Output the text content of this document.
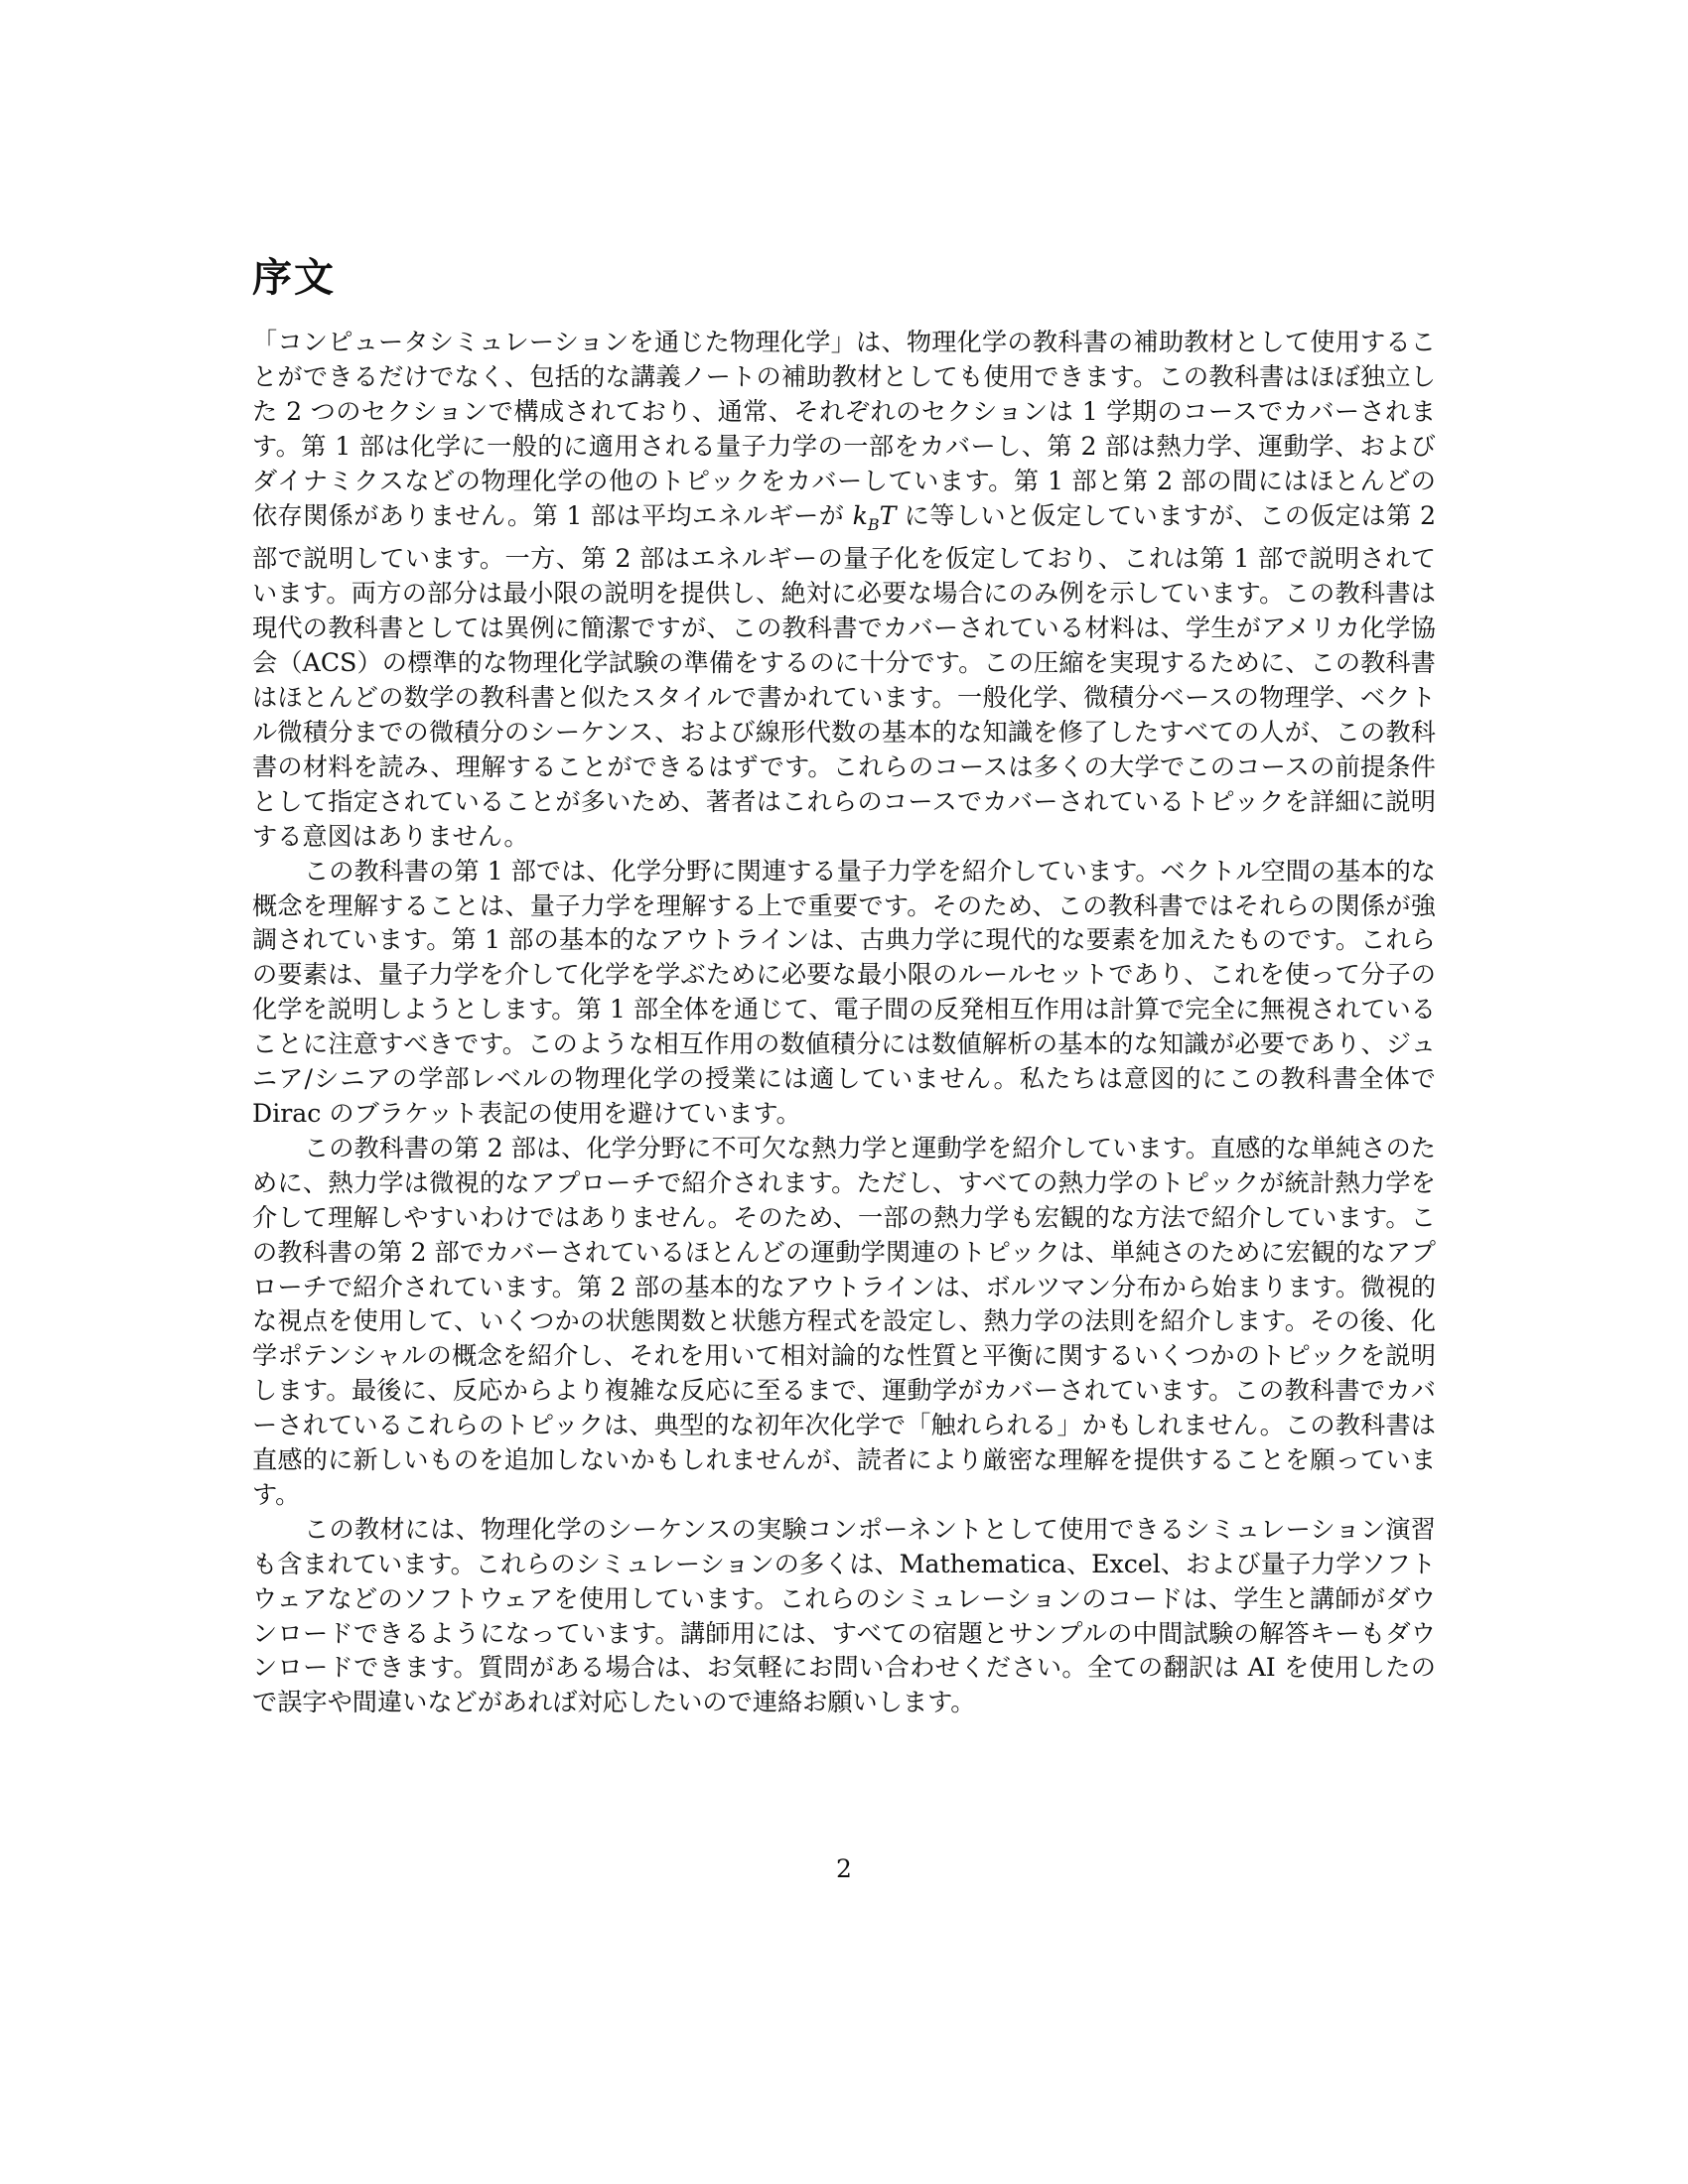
序文

「コンピュータシミュレーションを通じた物理化学」は、物理化学の教科書の補助教材として使用することができるだけでなく、包括的な講義ノートの補助教材としても使用できます。この教科書はほぼ独立した 2 つのセクションで構成されており、通常、それぞれのセクションは 1 学期のコースでカバーされます。第 1 部は化学に一般的に適用される量子力学の一部をカバーし、第 2 部は熱力学、運動学、およびダイナミクスなどの物理化学の他のトピックをカバーしています。第 1 部と第 2 部の間にはほとんどの依存関係がありません。第 1 部は平均エネルギーが $k_BT$ に等しいと仮定していますが、この仮定は第 2 部で説明しています。一方、第 2 部はエネルギーの量子化を仮定しており、これは第 1 部で説明されています。両方の部分は最小限の説明を提供し、絶対に必要な場合にのみ例を示しています。この教科書は現代の教科書としては異例に簡潔ですが、この教科書でカバーされている材料は、学生がアメリカ化学協会（ACS）の標準的な物理化学試験の準備をするのに十分です。この圧縮を実現するために、この教科書はほとんどの数学の教科書と似たスタイルで書かれています。一般化学、微積分ベースの物理学、ベクトル微積分までの微積分のシーケンス、および線形代数の基本的な知識を修了したすべての人が、この教科書の材料を読み、理解することができるはずです。これらのコースは多くの大学でこのコースの前提条件として指定されていることが多いため、著者はこれらのコースでカバーされているトピックを詳細に説明する意図はありません。

この教科書の第 1 部では、化学分野に関連する量子力学を紹介しています。ベクトル空間の基本的な概念を理解することは、量子力学を理解する上で重要です。そのため、この教科書ではそれらの関係が強調されています。第 1 部の基本的なアウトラインは、古典力学に現代的な要素を加えたものです。これらの要素は、量子力学を介して化学を学ぶために必要な最小限のルールセットであり、これを使って分子の化学を説明しようとします。第 1 部全体を通じて、電子間の反発相互作用は計算で完全に無視されていることに注意すべきです。このような相互作用の数値積分には数値解析の基本的な知識が必要であり、ジュニア/シニアの学部レベルの物理化学の授業には適していません。私たちは意図的にこの教科書全体で Dirac のブラケット表記の使用を避けています。

この教科書の第 2 部は、化学分野に不可欠な熱力学と運動学を紹介しています。直感的な単純さのために、熱力学は微視的なアプローチで紹介されます。ただし、すべての熱力学のトピックが統計熱力学を介して理解しやすいわけではありません。そのため、一部の熱力学も宏観的な方法で紹介しています。この教科書の第 2 部でカバーされているほとんどの運動学関連のトピックは、単純さのために宏観的なアプローチで紹介されています。第 2 部の基本的なアウトラインは、ボルツマン分布から始まります。微視的な視点を使用して、いくつかの状態関数と状態方程式を設定し、熱力学の法則を紹介します。その後、化学ポテンシャルの概念を紹介し、それを用いて相対論的な性質と平衡に関するいくつかのトピックを説明します。最後に、反応からより複雑な反応に至るまで、運動学がカバーされています。この教科書でカバーされているこれらのトピックは、典型的な初年次化学で「触れられる」かもしれません。この教科書は直感的に新しいものを追加しないかもしれませんが、読者により厳密な理解を提供することを願っています。

この教材には、物理化学のシーケンスの実験コンポーネントとして使用できるシミュレーション演習も含まれています。これらのシミュレーションの多くは、Mathematica、Excel、および量子力学ソフトウェアなどのソフトウェアを使用しています。これらのシミュレーションのコードは、学生と講師がダウンロードできるようになっています。講師用には、すべての宿題とサンプルの中間試験の解答キーもダウンロードできます。質問がある場合は、お気軽にお問い合わせください。全ての翻訳は AI を使用したので誤字や間違いなどがあれば対応したいので連絡お願いします。

2
